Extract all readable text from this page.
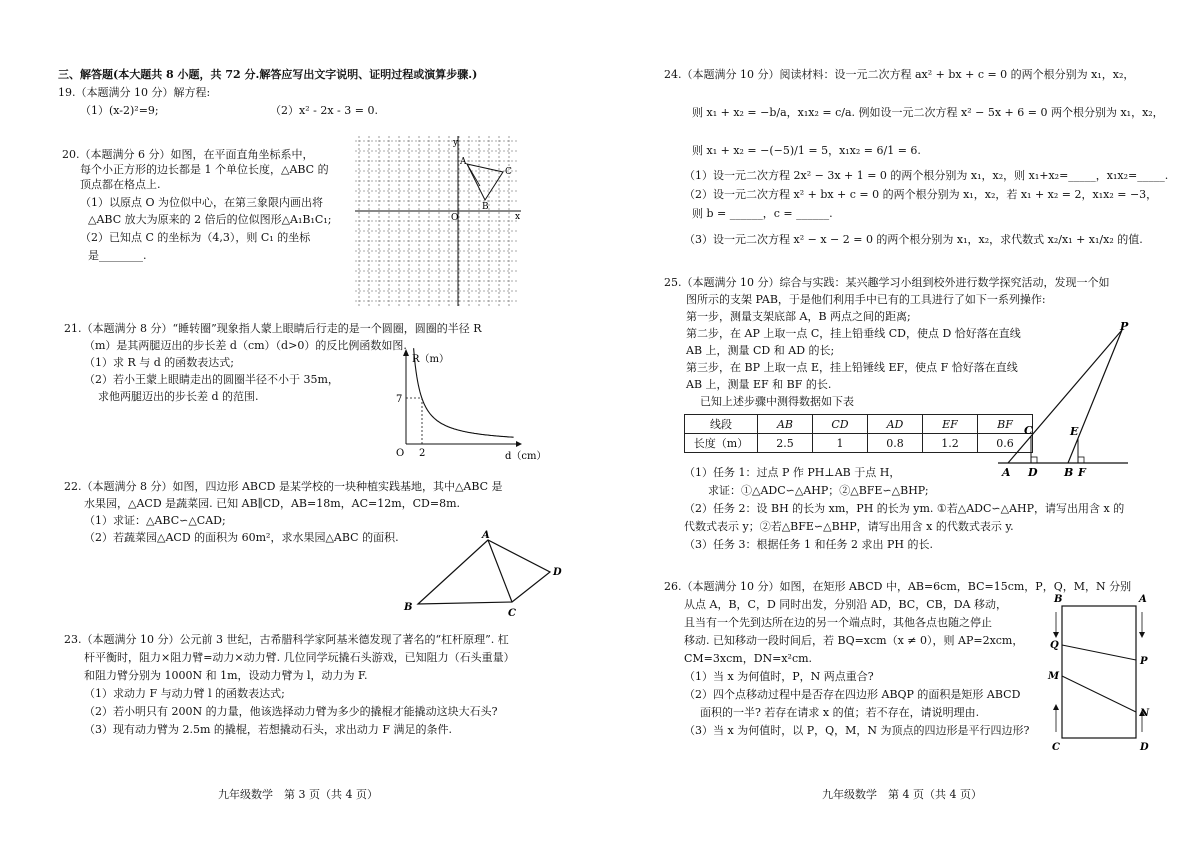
三、解答题(本大题共 8 小题，共 72 分.解答应写出文字说明、证明过程或演算步骤.)
19.（本题满分 10 分）解方程:
（1）(x-2)²=9;	（2）x² - 2x - 3 = 0.
20.（本题满分 6 分）如图，在平面直角坐标系中，
每个小正方形的边长都是 1 个单位长度，△ABC 的
顶点都在格点上.
（1）以原点 O 为位似中心，在第三象限内画出将
△ABC 放大为原来的 2 倍后的位似图形△A₁B₁C₁;
（2）已知点 C 的坐标为（4,3），则 C₁ 的坐标
是________.
y
x
O
A
B
C
21.（本题满分 8 分）“睡转圈”现象指人蒙上眼睛后行走的是一个圆圈，圆圈的半径 R
（m）是其两腿迈出的步长差 d（cm）（d>0）的反比例函数如图.
（1）求 R 与 d 的函数表达式;
（2）若小王蒙上眼睛走出的圆圈半径不小于 35m，
求他两腿迈出的步长差 d 的范围.
R（m）
d（cm）
7
2
O
22.（本题满分 8 分）如图，四边形 ABCD 是某学校的一块种植实践基地，其中△ABC 是
水果园，△ACD 是蔬菜园. 已知 AB∥CD，AB=18m，AC=12m，CD=8m.
（1）求证：△ABC∽△CAD;
（2）若蔬菜园△ACD 的面积为 60m²，求水果园△ABC 的面积.	A
B
C
D
23.（本题满分 10 分）公元前 3 世纪，古希腊科学家阿基米德发现了著名的“杠杆原理”. 杠
杆平衡时，阻力×阻力臂=动力×动力臂. 几位同学玩撬石头游戏，已知阻力（石头重量）
和阻力臂分别为 1000N 和 1m，设动力臂为 l，动力为 F.
（1）求动力 F 与动力臂 l 的函数表达式;
（2）若小明只有 200N 的力量，他该选择动力臂为多少的撬棍才能撬动这块大石头?
（3）现有动力臂为 2.5m 的撬棍，若想撬动石头，求出动力 F 满足的条件.
九年级数学　第 3 页（共 4 页）
24.（本题满分 10 分）阅读材料：设一元二次方程 ax² + bx + c = 0 的两个根分别为 x₁，x₂，
则 x₁ + x₂ = −b/a，x₁x₂ = c/a. 例如设一元二次方程 x² − 5x + 6 = 0 两个根分别为 x₁，x₂，
则 x₁ + x₂ = −(−5)/1 = 5，x₁x₂ = 6/1 = 6.
（1）设一元二次方程 2x² − 3x + 1 = 0 的两个根分别为 x₁，x₂，则 x₁+x₂=_____，x₁x₂=_____.
（2）设一元二次方程 x² + bx + c = 0 的两个根分别为 x₁，x₂，若 x₁ + x₂ = 2，x₁x₂ = −3，
则 b = ______，c = ______.
（3）设一元二次方程 x² − x − 2 = 0 的两个根分别为 x₁，x₂，求代数式 x₂/x₁ + x₁/x₂ 的值.
25.（本题满分 10 分）综合与实践：某兴趣学习小组到校外进行数学探究活动，发现一个如
图所示的支架 PAB，于是他们利用手中已有的工具进行了如下一系列操作:
第一步，测量支架底部 A，B 两点之间的距离;
第二步，在 AP 上取一点 C，挂上铅垂线 CD，使点 D 恰好落在直线
AB 上，测量 CD 和 AD 的长;
第三步，在 BP 上取一点 E，挂上铅锤线 EF，使点 F 恰好落在直线
AB 上，测量 EF 和 BF 的长.
已知上述步骤中测得数据如下表
线段	AB	CD	AD	EF	BF
长度（m）	2.5	1	0.8	1.2	0.6
P
A
C
D
E
B F
（1）任务 1：过点 P 作 PH⊥AB 于点 H，
求证：①△ADC∽△AHP；②△BFE∽△BHP;
（2）任务 2：设 BH 的长为 xm，PH 的长为 ym. ①若△ADC∽△AHP，请写出用含 x 的
代数式表示 y；②若△BFE∽△BHP，请写出用含 x 的代数式表示 y.
（3）任务 3：根据任务 1 和任务 2 求出 PH 的长.
26.（本题满分 10 分）如图，在矩形 ABCD 中，AB=6cm，BC=15cm，P，Q，M，N 分别
从点 A，B，C，D 同时出发，分别沿 AD，BC，CB，DA 移动，
且当有一个先到达所在边的另一个端点时，其他各点也随之停止
移动. 已知移动一段时间后，若 BQ=xcm（x ≠ 0），则 AP=2xcm，
CM=3xcm，DN=x²cm.
（1）当 x 为何值时，P，N 两点重合?
（2）四个点移动过程中是否存在四边形 ABQP 的面积是矩形 ABCD
面积的一半? 若存在请求 x 的值；若不存在，请说明理由.
（3）当 x 为何值时，以 P，Q，M，N 为顶点的四边形是平行四边形?
B	A
C	D
Q
P
M
N
九年级数学　第 4 页（共 4 页）
